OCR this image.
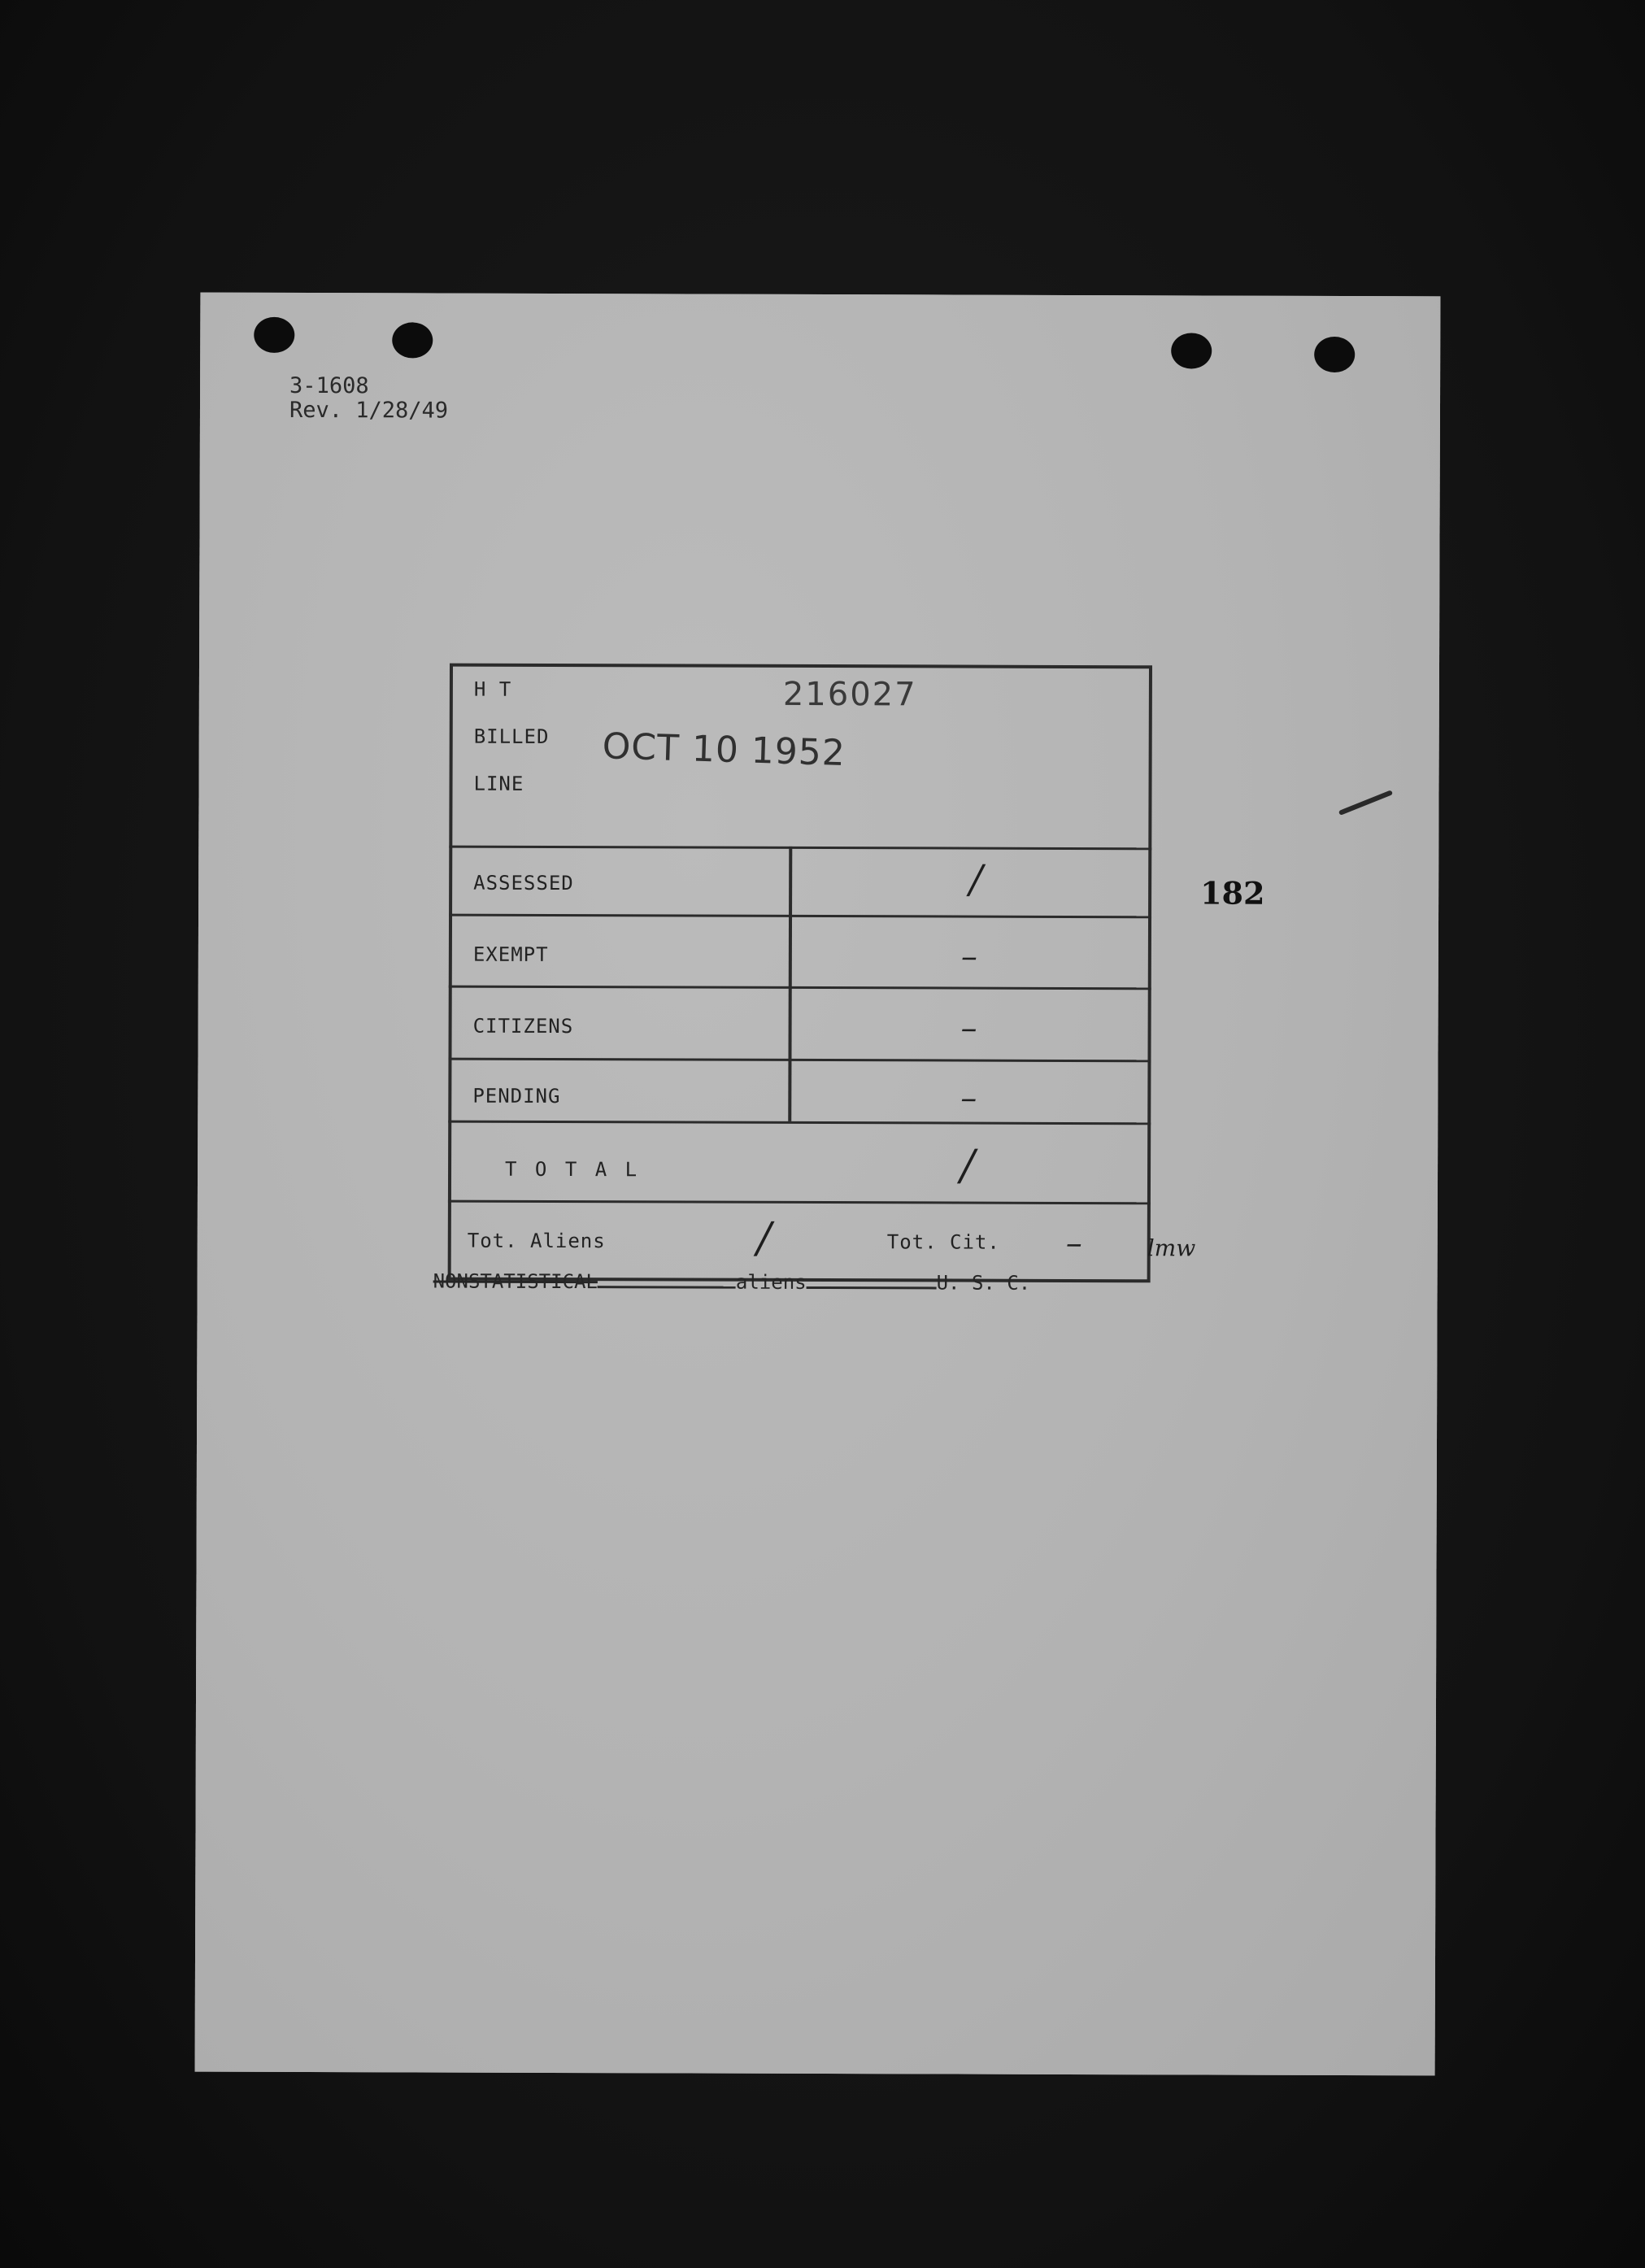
3-1608
Rev. 1/28/49
H T	216027
BILLED OCT 10 1952
LINE
ASSESSED	/
EXEMPT	–
CITIZENS	–
PENDING	–
T O T A L	/
Tot. Aliens	/	Tot. Cit. –	lmw
182
NONSTATISTICAL	aliens	U. S. C.
